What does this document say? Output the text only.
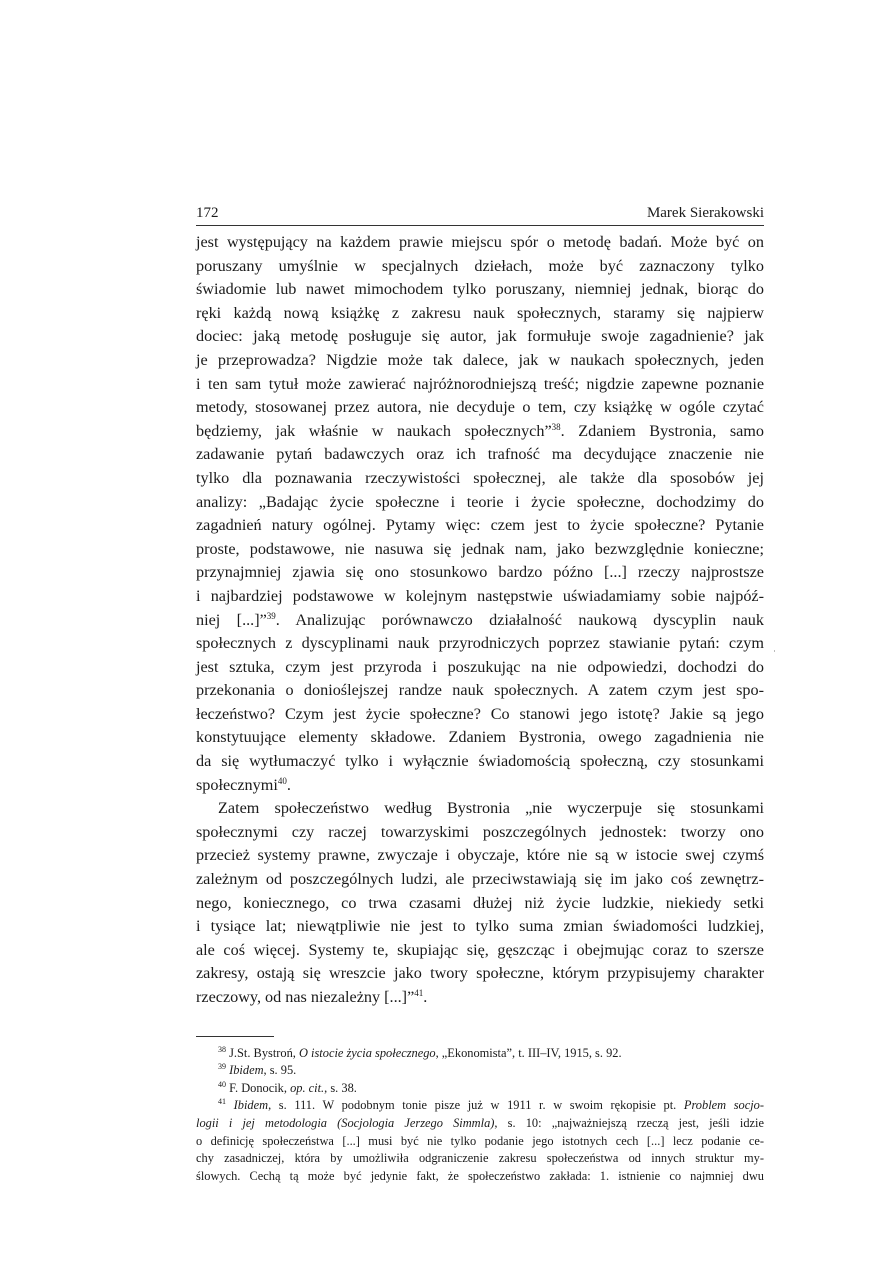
172	Marek Sierakowski

jest występujący na każdem prawie miejscu spór o metodę badań. Może być on
poruszany umyślnie w specjalnych dziełach, może być zaznaczony tylko
świadomie lub nawet mimochodem tylko poruszany, niemniej jednak, biorąc do
ręki każdą nową książkę z zakresu nauk społecznych, staramy się najpierw
dociec: jaką metodę posługuje się autor, jak formułuje swoje zagadnienie? jak
je przeprowadza? Nigdzie może tak dalece, jak w naukach społecznych, jeden
i ten sam tytuł może zawierać najróżnorodniejszą treść; nigdzie zapewne poznanie
metody, stosowanej przez autora, nie decyduje o tem, czy książkę w ogóle czytać
będziemy, jak właśnie w naukach społecznych”$^{38}$. Zdaniem Bystronia, samo
zadawanie pytań badawczych oraz ich trafność ma decydujące znaczenie nie
tylko dla poznawania rzeczywistości społecznej, ale także dla sposobów jej
analizy: „Badając życie społeczne i teorie i życie społeczne, dochodzimy do
zagadnień natury ogólnej. Pytamy więc: czem jest to życie społeczne? Pytanie
proste, podstawowe, nie nasuwa się jednak nam, jako bezwzględnie konieczne;
przynajmniej zjawia się ono stosunkowo bardzo późno [...] rzeczy najprostsze
i najbardziej podstawowe w kolejnym następstwie uświadamiamy sobie najpóź-
niej [...]”$^{39}$. Analizując porównawczo działalność naukową dyscyplin nauk
społecznych z dyscyplinami nauk przyrodniczych poprzez stawianie pytań: czym
jest sztuka, czym jest przyroda i poszukując na nie odpowiedzi, dochodzi do
przekonania o donioślejszej randze nauk społecznych. A zatem czym jest spo-
łeczeństwo? Czym jest życie społeczne? Co stanowi jego istotę? Jakie są jego
konstytuujące elementy składowe. Zdaniem Bystronia, owego zagadnienia nie
da się wytłumaczyć tylko i wyłącznie świadomością społeczną, czy stosunkami
społecznymi$^{40}$.

Zatem społeczeństwo według Bystronia „nie wyczerpuje się stosunkami
społecznymi czy raczej towarzyskimi poszczególnych jednostek: tworzy ono
przecież systemy prawne, zwyczaje i obyczaje, które nie są w istocie swej czymś
zależnym od poszczególnych ludzi, ale przeciwstawiają się im jako coś zewnętrz-
nego, koniecznego, co trwa czasami dłużej niż życie ludzkie, niekiedy setki
i tysiące lat; niewątpliwie nie jest to tylko suma zmian świadomości ludzkiej,
ale coś więcej. Systemy te, skupiając się, gęszcząc i obejmując coraz to szersze
zakresy, ostają się wreszcie jako twory społeczne, którym przypisujemy charakter
rzeczowy, od nas niezależny [...]”$^{41}$.

$^{38}$ J.St. Bystroń, O istocie życia społecznego, „Ekonomista”, t. III–IV, 1915, s. 92.
$^{39}$ Ibidem, s. 95.
$^{40}$ F. Donocik, op. cit., s. 38.
$^{41}$ Ibidem, s. 111. W podobnym tonie pisze już w 1911 r. w swoim rękopisie pt. Problem socjo-
logii i jej metodologia (Socjologia Jerzego Simmla), s. 10: „najważniejszą rzeczą jest, jeśli idzie
o definicję społeczeństwa [...] musi być nie tylko podanie jego istotnych cech [...] lecz podanie ce-
chy zasadniczej, która by umożliwiła odgraniczenie zakresu społeczeństwa od innych struktur my-
ślowych. Cechą tą może być jedynie fakt, że społeczeństwo zakłada: 1. istnienie co najmniej dwu
